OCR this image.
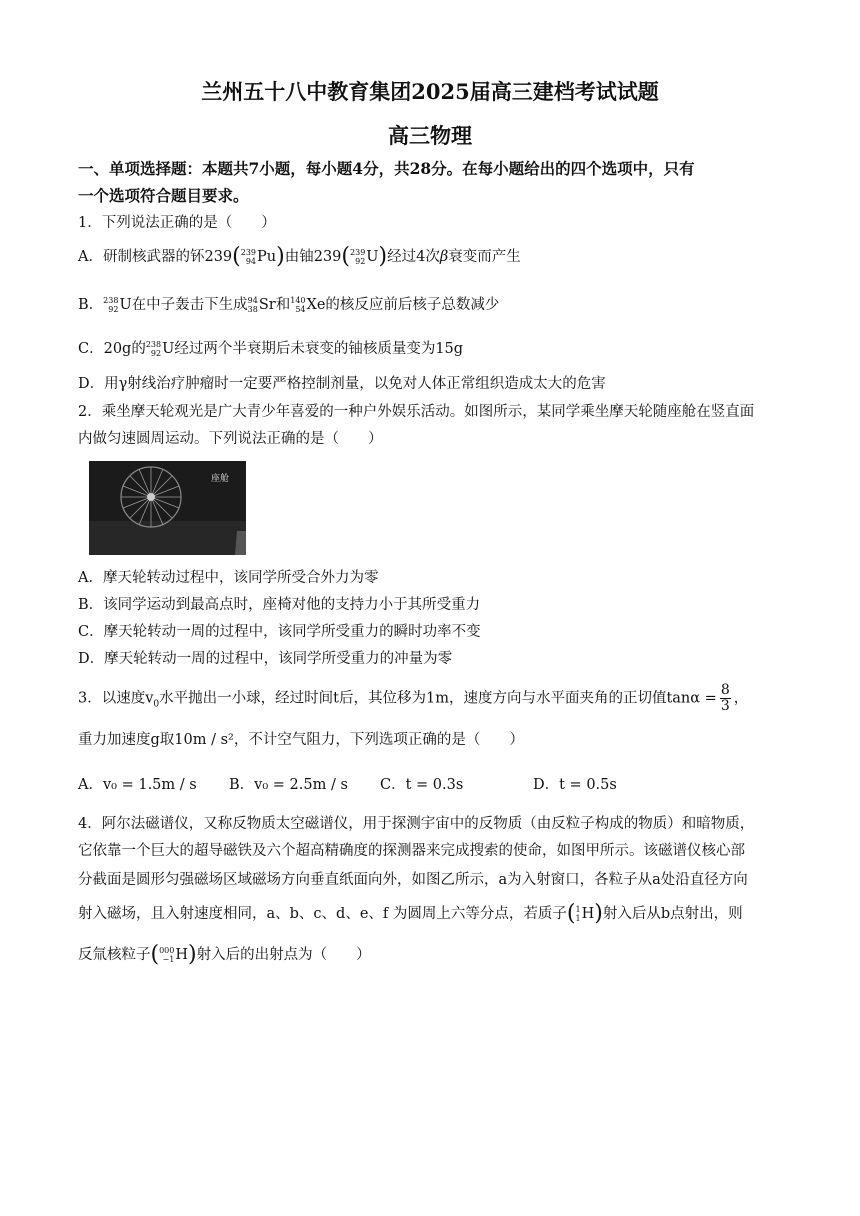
兰州五十八中教育集团2025届高三建档考试试题
高三物理
一、单项选择题：本题共7小题，每小题4分，共28分。在每小题给出的四个选项中，只有
一个选项符合题目要求。
1．下列说法正确的是（　　）
A．研制核武器的钚239( 239
94 Pu)由铀239( 239
92 U)经过4次β衰变而产生
B． 238
92 U在中子轰击下生成 94
38 Sr和 140
54 Xe的核反应前后核子总数减少
C．20g的 238
92 U经过两个半衰期后未衰变的铀核质量变为15g
D．用γ射线治疗肿瘤时一定要严格控制剂量，以免对人体正常组织造成太大的危害
2．乘坐摩天轮观光是广大青少年喜爱的一种户外娱乐活动。如图所示，某同学乘坐摩天轮随座舱在竖直面
内做匀速圆周运动。下列说法正确的是（　　）
座舱
A．摩天轮转动过程中，该同学所受合外力为零
B．该同学运动到最高点时，座椅对他的支持力小于其所受重力
C．摩天轮转动一周的过程中，该同学所受重力的瞬时功率不变
D．摩天轮转动一周的过程中，该同学所受重力的冲量为零
3．以速度$v_0$水平抛出一小球，经过时间t后，其位移为1m，速度方向与水平面夹角的正切值$\tan\alpha = \frac{8}{3}$ ，
重力加速度g取10m / s²，不计空气阻力，下列选项正确的是（　　）
A．v₀ = 1.5m / s B．v₀ = 2.5m / s C．t = 0.3s	D．t = 0.5s
4．阿尔法磁谱仪，又称反物质太空磁谱仪，用于探测宇宙中的反物质（由反粒子构成的物质）和暗物质，
它依靠一个巨大的超导磁铁及六个超高精确度的探测器来完成搜索的使命，如图甲所示。该磁谱仪核心部
分截面是圆形匀强磁场区域磁场方向垂直纸面向外，如图乙所示，a为入射窗口，各粒子从a处沿直径方向
射入磁场，且入射速度相同，a、b、c、d、e、f 为圆周上六等分点，若质子( 1
1 H)射入后从b点射出，则
反氚核粒子( 000
−1 H)射入后的出射点为（　　）
